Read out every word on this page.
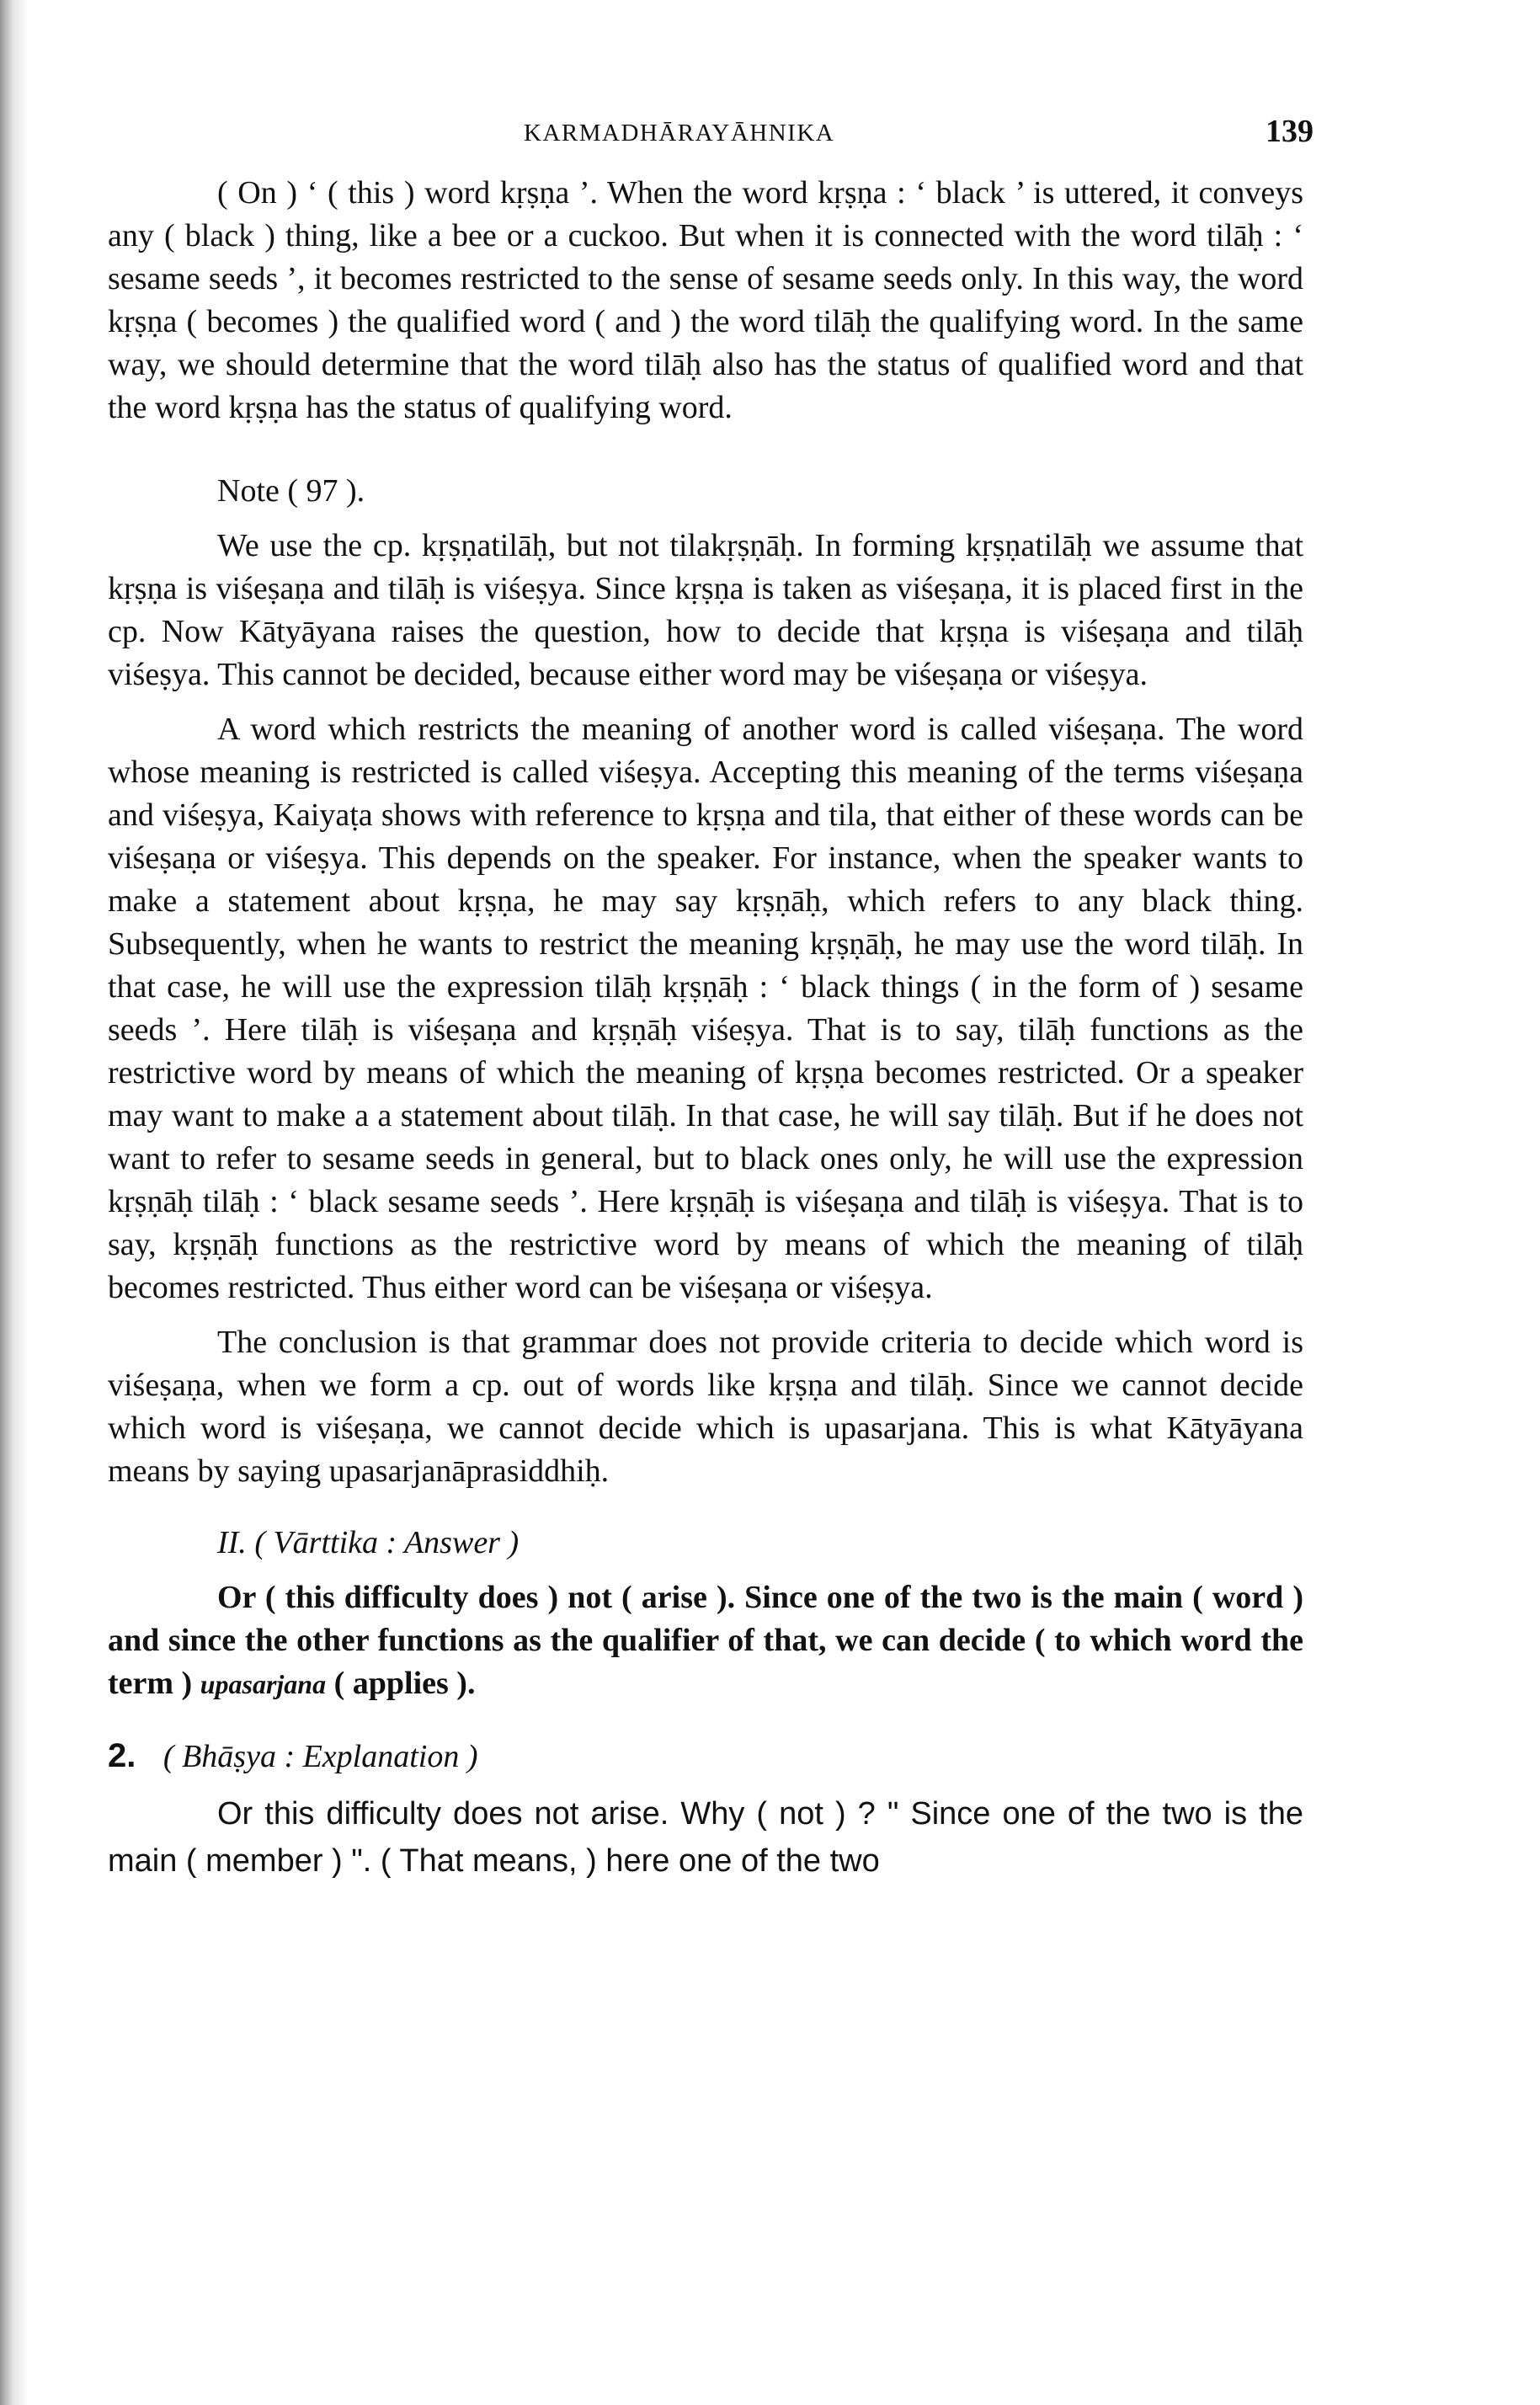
KARMADHĀRAYĀHNIKA	139

( On ) ‘ ( this ) word kṛṣṇa ’. When the word kṛṣṇa : ‘ black ’ is uttered, it conveys any ( black ) thing, like a bee or a cuckoo. But when it is connected with the word tilāḥ : ‘ sesame seeds ’, it becomes restricted to the sense of sesame seeds only. In this way, the word kṛṣṇa ( becomes ) the qualified word ( and ) the word tilāḥ the qualifying word. In the same way, we should determine that the word tilāḥ also has the status of qualified word and that the word kṛṣṇa has the status of qualifying word.

Note ( 97 ).

We use the cp. kṛṣṇatilāḥ, but not tilakṛṣṇāḥ. In forming kṛṣṇatilāḥ we assume that kṛṣṇa is viśeṣaṇa and tilāḥ is viśeṣya. Since kṛṣṇa is taken as viśeṣaṇa, it is placed first in the cp. Now Kātyāyana raises the question, how to decide that kṛṣṇa is viśeṣaṇa and tilāḥ viśeṣya. This cannot be decided, because either word may be viśeṣaṇa or viśeṣya.

A word which restricts the meaning of another word is called viśeṣaṇa. The word whose meaning is restricted is called viśeṣya. Accepting this meaning of the terms viśeṣaṇa and viśeṣya, Kaiyaṭa shows with reference to kṛṣṇa and tila, that either of these words can be viśeṣaṇa or viśeṣya. This depends on the speaker. For instance, when the speaker wants to make a statement about kṛṣṇa, he may say kṛṣṇāḥ, which refers to any black thing. Subsequently, when he wants to restrict the meaning kṛṣṇāḥ, he may use the word tilāḥ. In that case, he will use the expression tilāḥ kṛṣṇāḥ : ‘ black things ( in the form of ) sesame seeds ’. Here tilāḥ is viśeṣaṇa and kṛṣṇāḥ viśeṣya. That is to say, tilāḥ functions as the restrictive word by means of which the meaning of kṛṣṇa becomes restricted. Or a speaker may want to make a a statement about tilāḥ. In that case, he will say tilāḥ. But if he does not want to refer to sesame seeds in general, but to black ones only, he will use the expression kṛṣṇāḥ tilāḥ : ‘ black sesame seeds ’. Here kṛṣṇāḥ is viśeṣaṇa and tilāḥ is viśeṣya. That is to say, kṛṣṇāḥ functions as the restrictive word by means of which the meaning of tilāḥ becomes restricted. Thus either word can be viśeṣaṇa or viśeṣya.

The conclusion is that grammar does not provide criteria to decide which word is viśeṣaṇa, when we form a cp. out of words like kṛṣṇa and tilāḥ. Since we cannot decide which word is viśeṣaṇa, we cannot decide which is upasarjana. This is what Kātyāyana means by saying upasarjanāprasiddhiḥ.

II. ( Vārttika : Answer )

Or ( this difficulty does ) not ( arise ). Since one of the two is the main ( word ) and since the other functions as the qualifier of that, we can decide ( to which word the term ) upasarjana ( applies ).

2. ( Bhāṣya : Explanation )

Or this difficulty does not arise. Why ( not ) ? " Since one of the two is the main ( member ) ". ( That means, ) here one of the two
